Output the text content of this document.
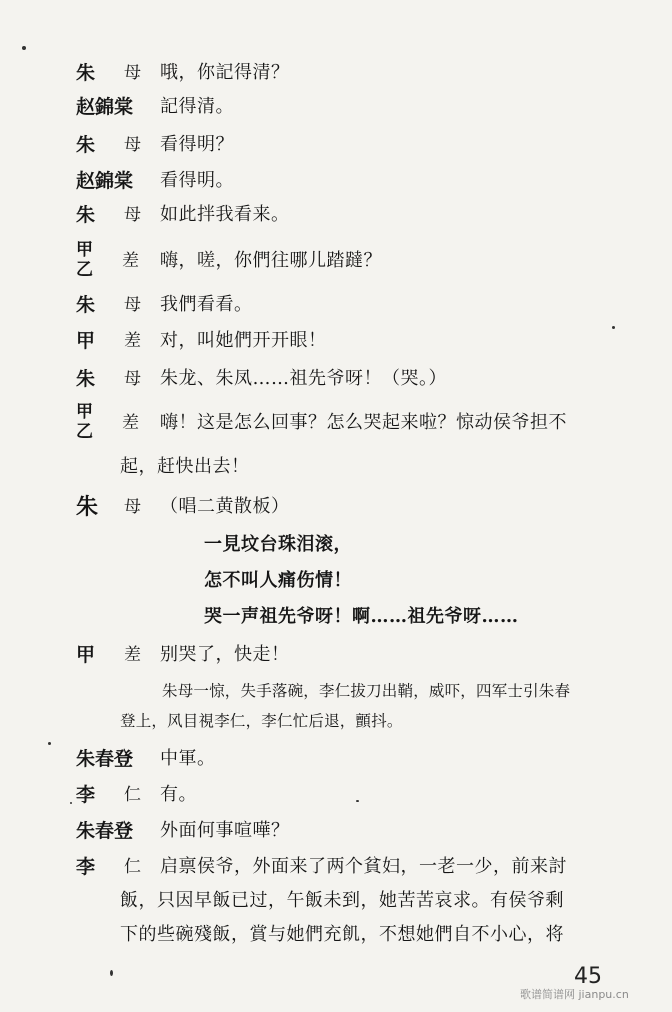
朱 母 哦，你記得清？
赵錦棠 記得清。
朱 母 看得明？
赵錦棠 看得明。
朱 母 如此拌我看来。
甲
乙	差 嗨，嗟，你們往哪儿踏躂？
朱 母 我們看看。
甲 差 对，叫她們开开眼！
朱 母 朱龙、朱凤……祖先爷呀！（哭。）
甲
乙	差 嗨！这是怎么回事？怎么哭起来啦？惊动侯爷担不
起，赶快出去！
朱 母 （唱二黄散板）
一見坟台珠泪滚，
怎不叫人痛伤情！
哭一声祖先爷呀！啊……祖先爷呀……
甲 差 别哭了，快走！
朱母一惊，失手落碗，李仁拔刀出鞘，威吓，四军士引朱春
登上，风目視李仁，李仁忙后退，顫抖。
朱春登 中軍。
李 仁 有。
朱春登 外面何事喧嘩？
李 仁 启禀侯爷，外面来了两个貧妇，一老一少，前来討
飯，只因早飯已过，午飯未到，她苦苦哀求。有侯爷剩
下的些碗殘飯，賞与她們充飢，不想她們自不小心，将
45
歌谱简谱网 jianpu.cn
